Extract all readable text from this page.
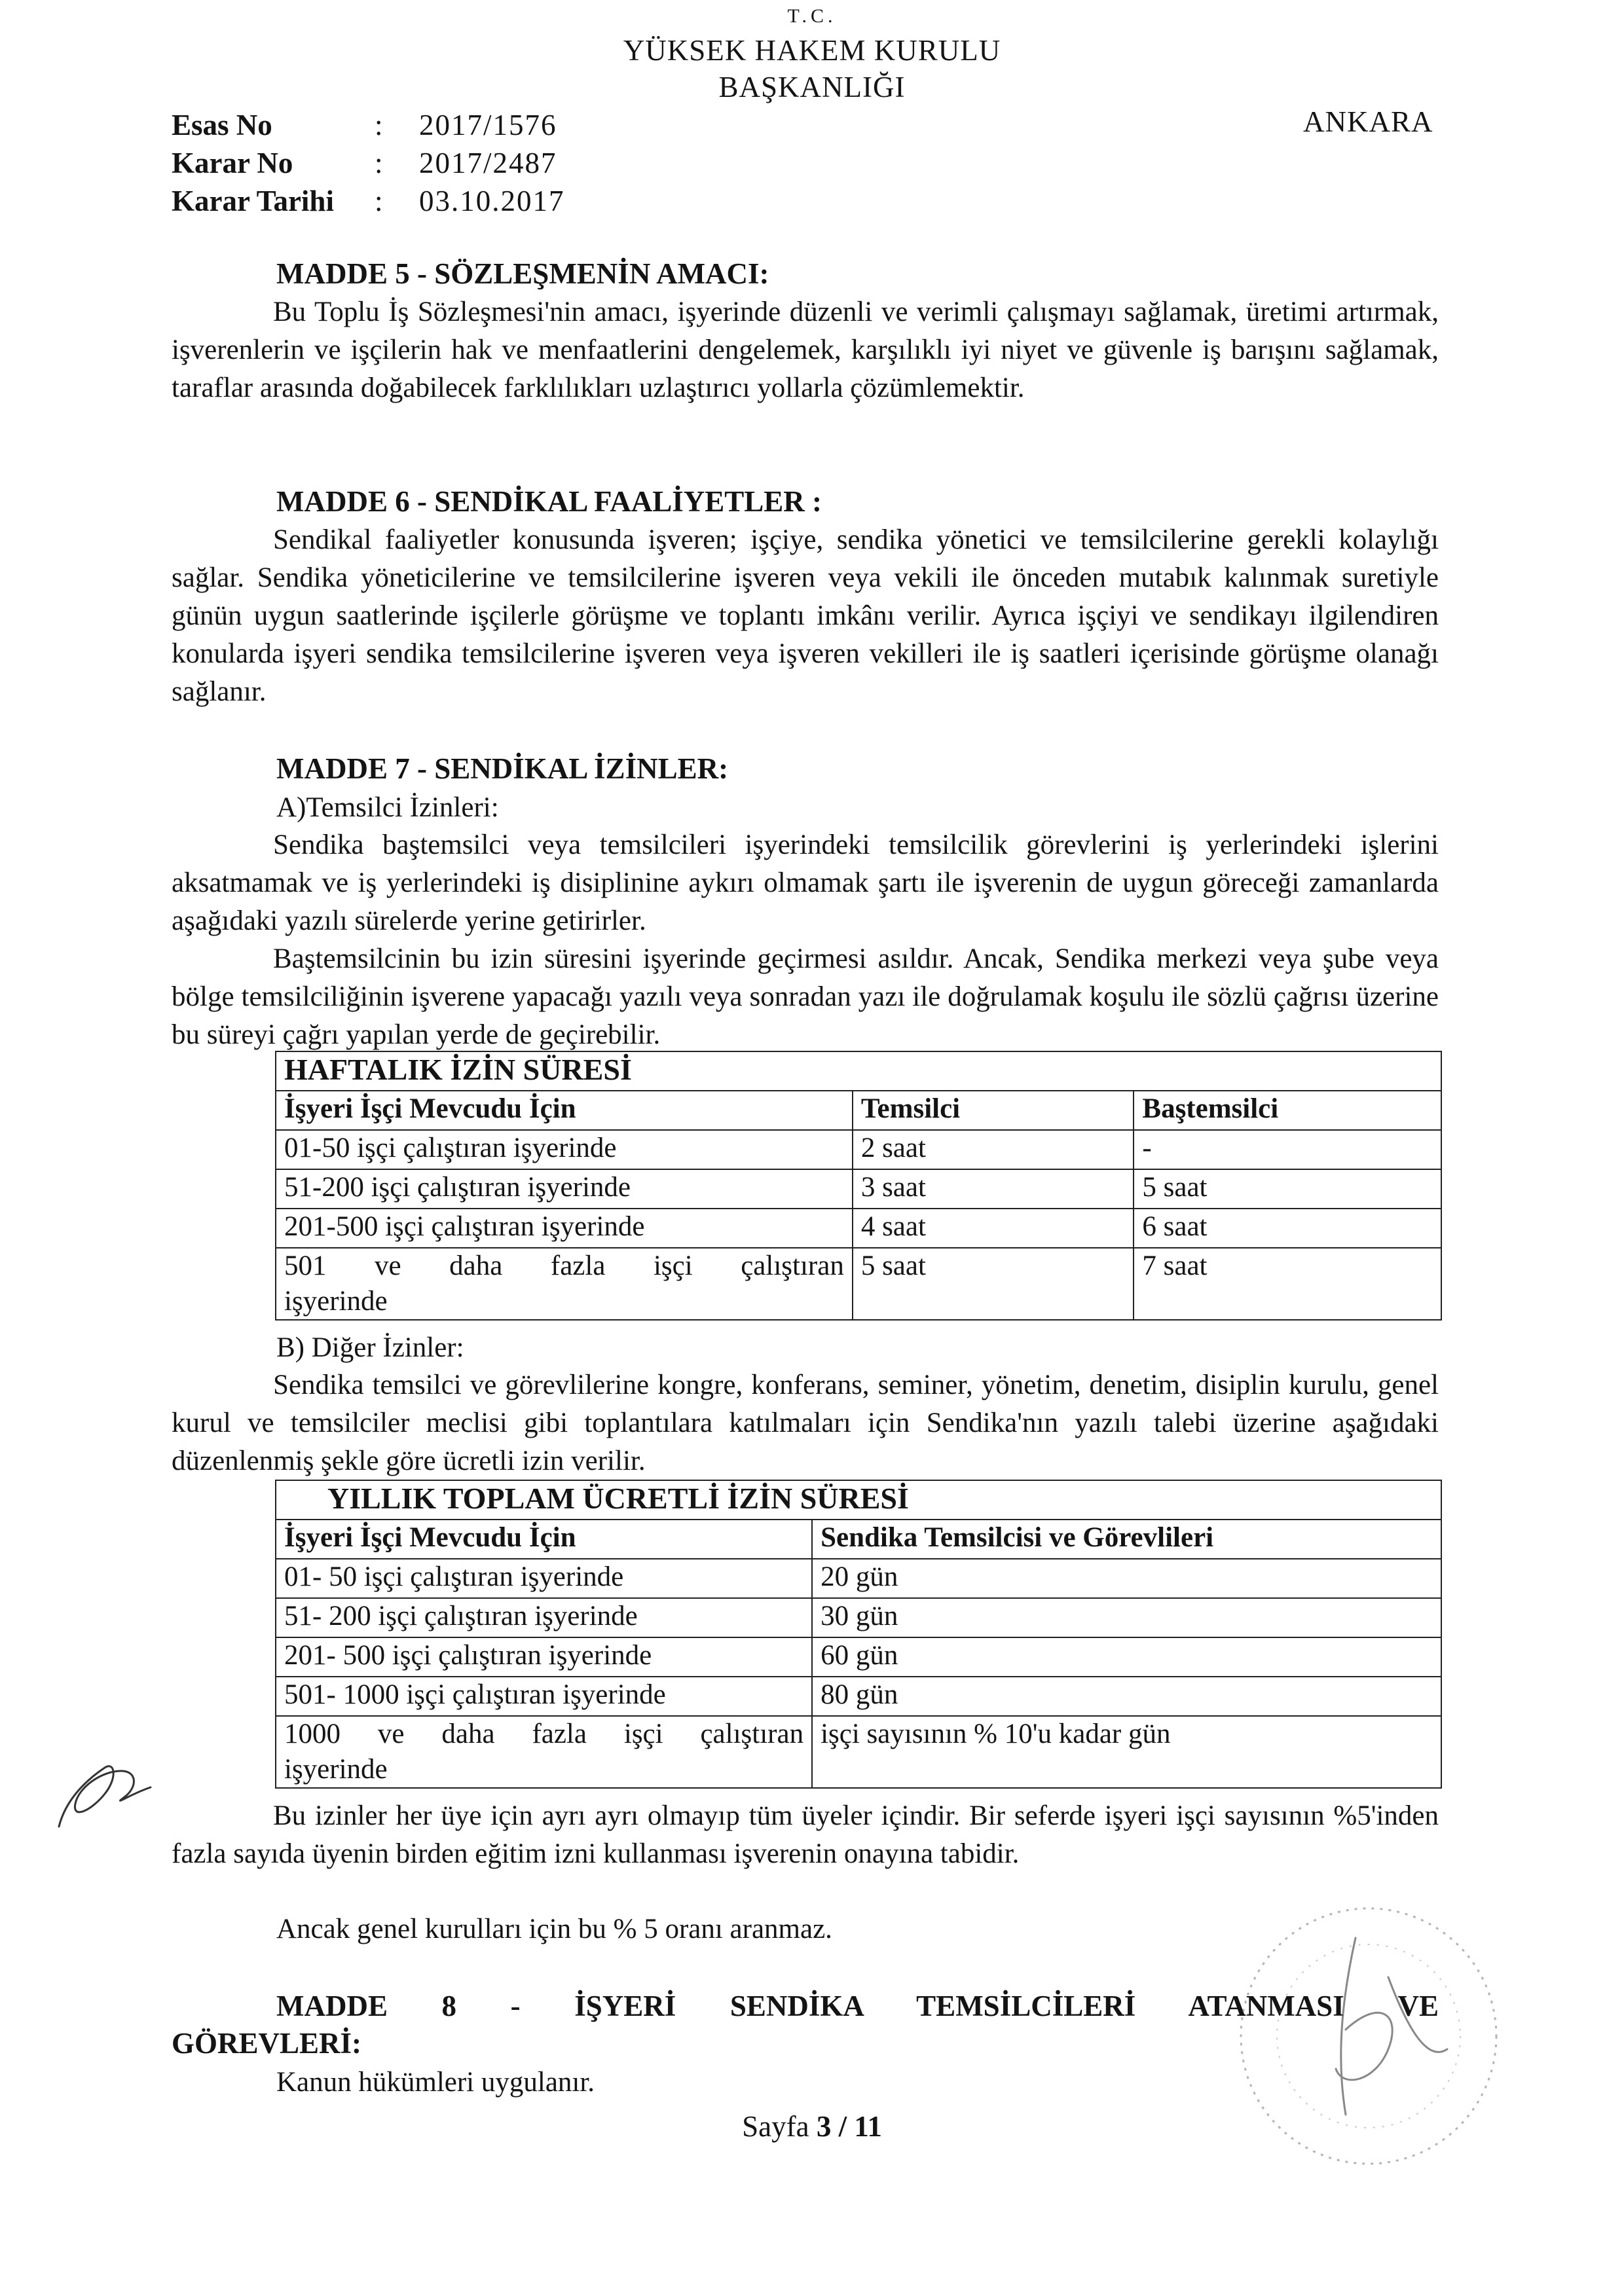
T.C.
YÜKSEK HAKEM KURULU
BAŞKANLIĞI
Esas No	:	2017/1576
Karar No	:	2017/2487
Karar Tarihi	:	03.10.2017
ANKARA
MADDE 5 - SÖZLEŞMENİN AMACI:
Bu Toplu İş Sözleşmesi'nin amacı, işyerinde düzenli ve verimli çalışmayı sağlamak, üretimi artırmak, işverenlerin ve işçilerin hak ve menfaatlerini dengelemek, karşılıklı iyi niyet ve güvenle iş barışını sağlamak, taraflar arasında doğabilecek farklılıkları uzlaştırıcı yollarla çözümlemektir.
MADDE 6 - SENDİKAL FAALİYETLER :
Sendikal faaliyetler konusunda işveren; işçiye, sendika yönetici ve temsilcilerine gerekli kolaylığı sağlar. Sendika yöneticilerine ve temsilcilerine işveren veya vekili ile önceden mutabık kalınmak suretiyle günün uygun saatlerinde işçilerle görüşme ve toplantı imkânı verilir. Ayrıca işçiyi ve sendikayı ilgilendiren konularda işyeri sendika temsilcilerine işveren veya işveren vekilleri ile iş saatleri içerisinde görüşme olanağı sağlanır.
MADDE 7 - SENDİKAL İZİNLER:
A)Temsilci İzinleri:
Sendika baştemsilci veya temsilcileri işyerindeki temsilcilik görevlerini iş yerlerindeki işlerini aksatmamak ve iş yerlerindeki iş disiplinine aykırı olmamak şartı ile işverenin de uygun göreceği zamanlarda aşağıdaki yazılı sürelerde yerine getirirler.
Baştemsilcinin bu izin süresini işyerinde geçirmesi asıldır. Ancak, Sendika merkezi veya şube veya bölge temsilciliğinin işverene yapacağı yazılı veya sonradan yazı ile doğrulamak koşulu ile sözlü çağrısı üzerine bu süreyi çağrı yapılan yerde de geçirebilir.
HAFTALIK İZİN SÜRESİ		
İşyeri İşçi Mevcudu İçin	Temsilci	Baştemsilci
01-50 işçi çalıştıran işyerinde	2 saat	-
51-200 işçi çalıştıran işyerinde	3 saat	5 saat
201-500 işçi çalıştıran işyerinde	4 saat	6 saat

501 ve daha fazla işçi çalıştıran
işyerinde	5 saat	7 saat
B) Diğer İzinler:
Sendika temsilci ve görevlilerine kongre, konferans, seminer, yönetim, denetim, disiplin kurulu, genel kurul ve temsilciler meclisi gibi toplantılara katılmaları için Sendika'nın yazılı talebi üzerine aşağıdaki düzenlenmiş şekle göre ücretli izin verilir.
YILLIK TOPLAM ÜCRETLİ İZİN SÜRESİ	
İşyeri İşçi Mevcudu İçin	Sendika Temsilcisi ve Görevlileri
01- 50 işçi çalıştıran işyerinde	20 gün
51- 200 işçi çalıştıran işyerinde	30 gün
201- 500 işçi çalıştıran işyerinde	60 gün
501- 1000 işçi çalıştıran işyerinde	80 gün

1000 ve daha fazla işçi çalıştıran
işyerinde	işçi sayısının % 10'u kadar gün
Bu izinler her üye için ayrı ayrı olmayıp tüm üyeler içindir. Bir seferde işyeri işçi sayısının %5'inden fazla sayıda üyenin birden eğitim izni kullanması işverenin onayına tabidir.
Ancak genel kurulları için bu % 5 oranı aranmaz.
MADDE 8 - İŞYERİ SENDİKA TEMSİLCİLERİ ATANMASI VE
GÖREVLERİ:
Kanun hükümleri uygulanır.
Sayfa 3 / 11
